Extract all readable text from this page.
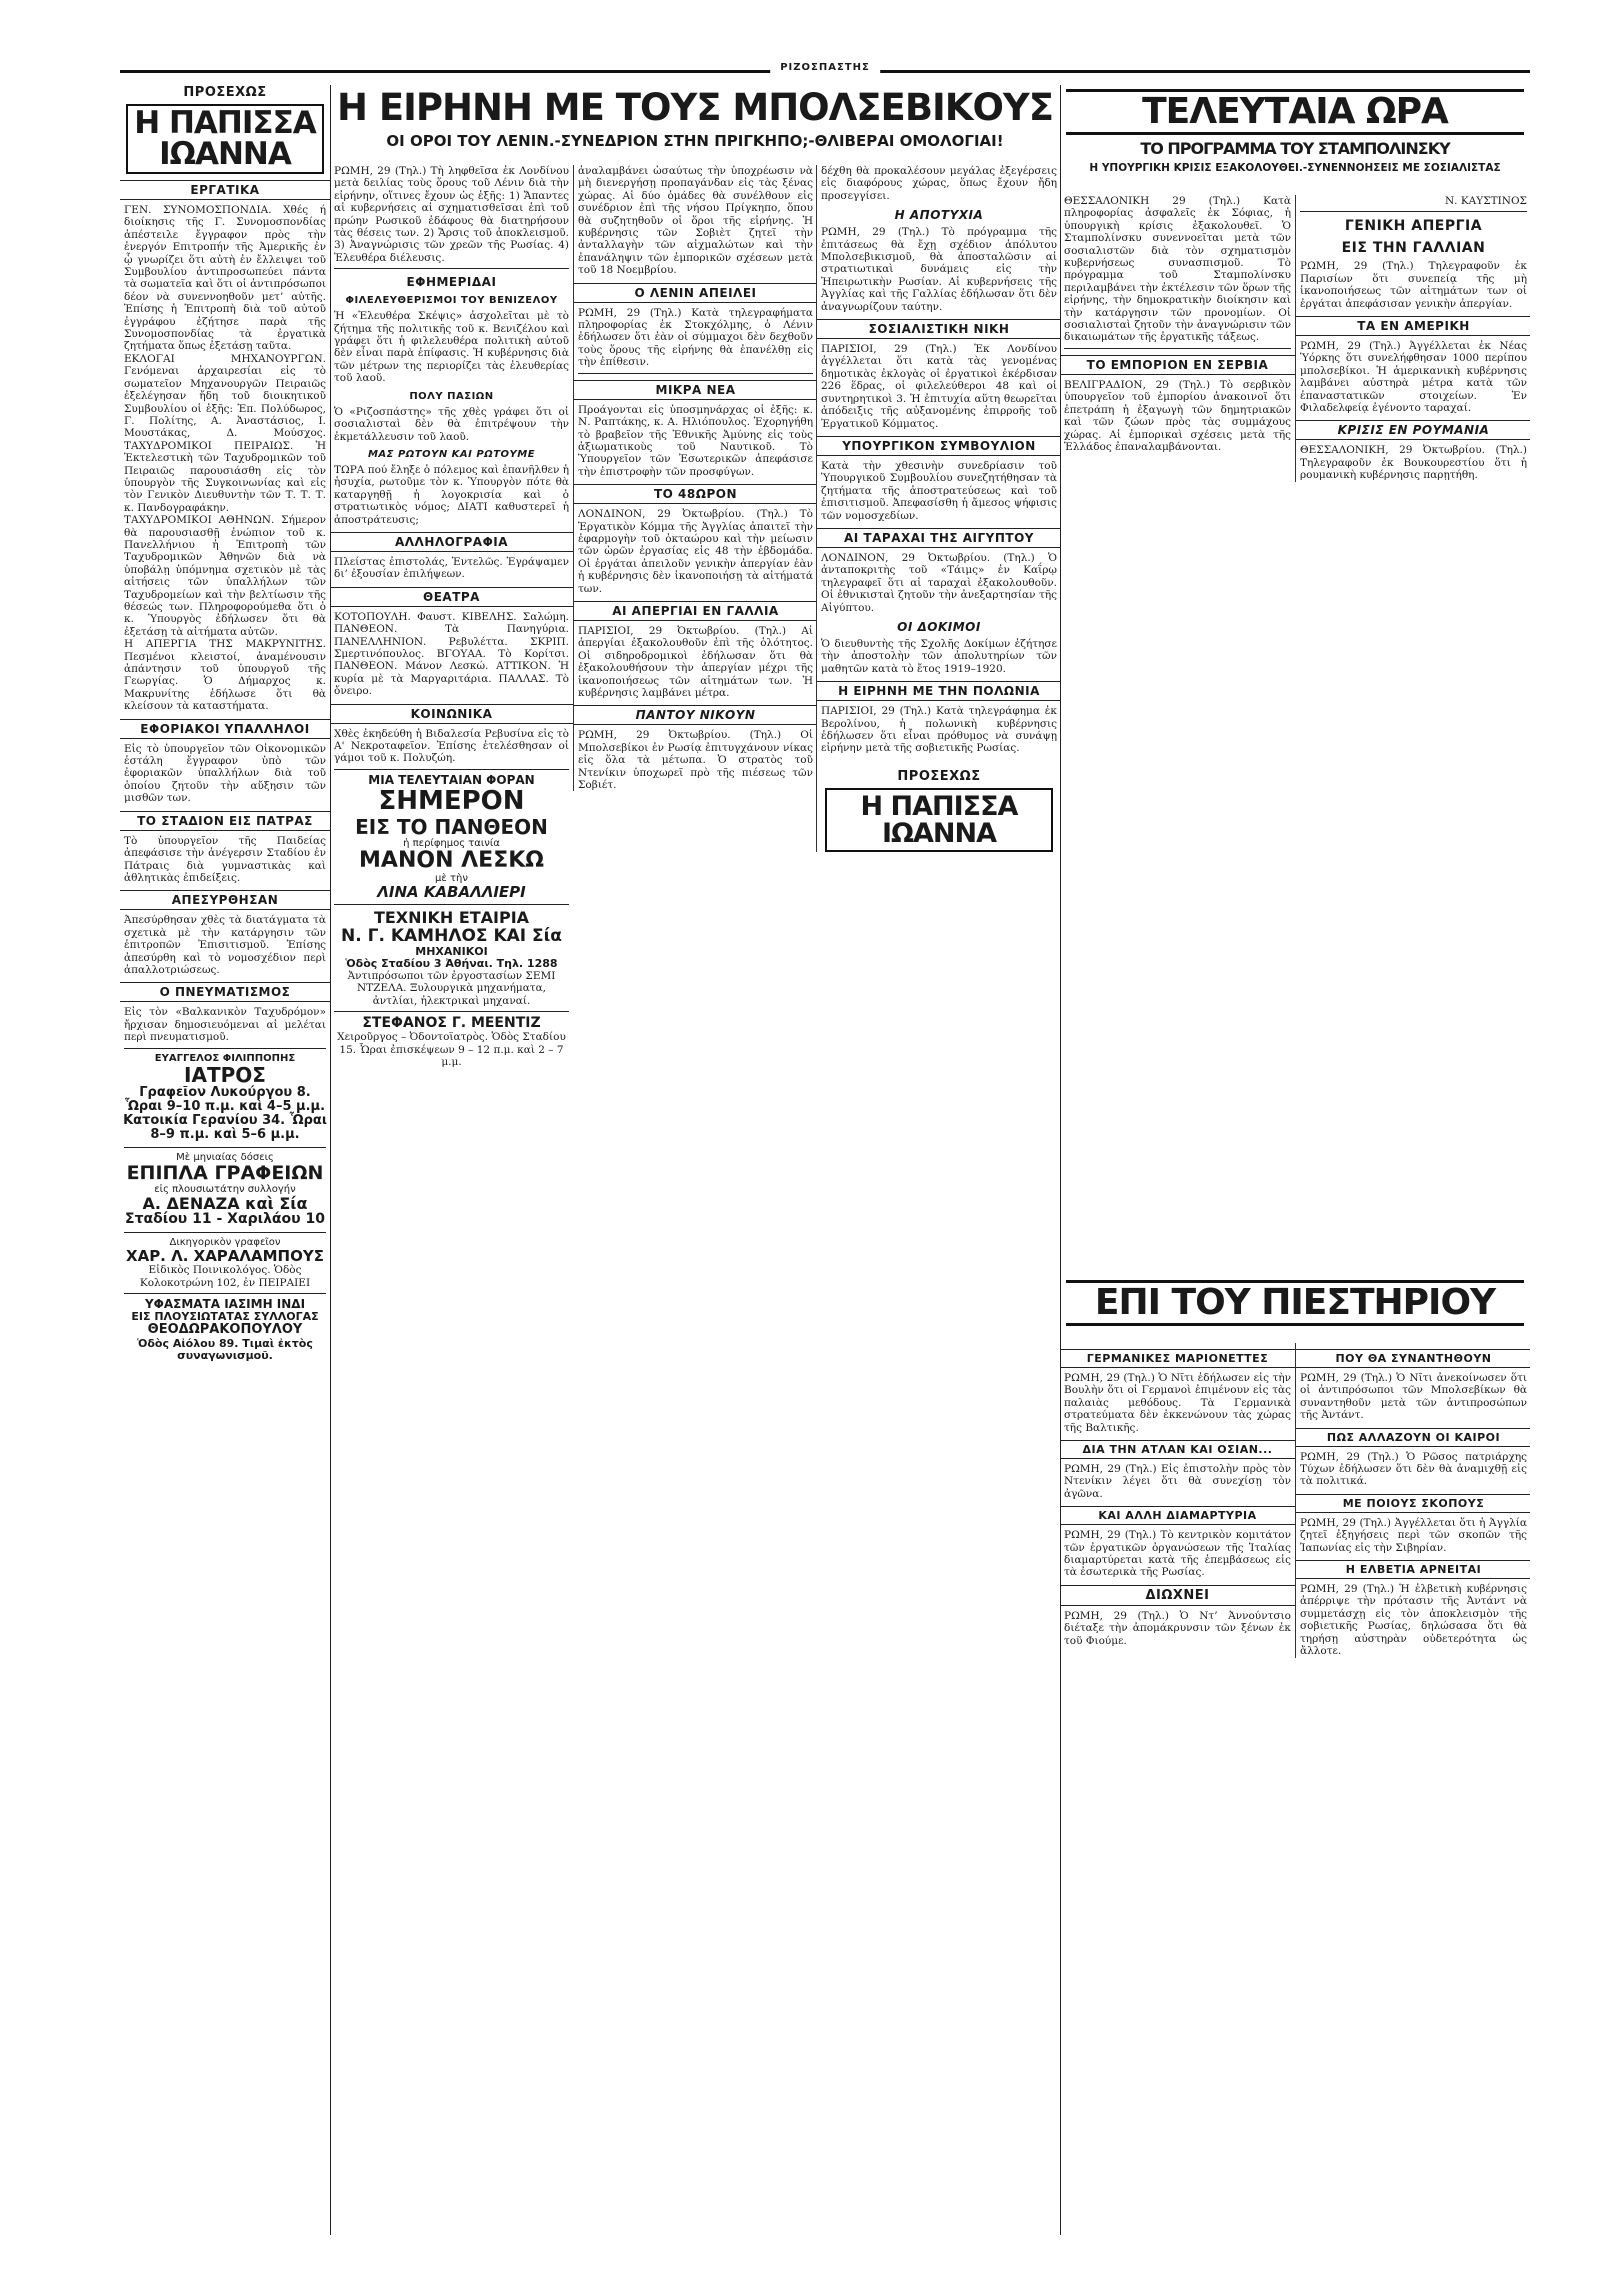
ΡΙΖΟΣΠΑΣΤΗΣ
ΠΡΟΣΕΧΩΣ
Η ΠΑΠΙΣΣΑ ΙΩΑΝΝΑ
ΕΡΓΑΤΙΚΑ

ΓΕΝ. ΣΥΝΟΜΟΣΠΟΝΔΙΑ. Χθές ή διοίκησις τῆς Γ. Συνομοσπονδίας ἀπέστειλε ἔγγραφον πρὸς τὴν ἐνεργόν Επιτροπήν τῆς Ἀμερικῆς ἐν ᾧ γνωρίζει ὅτι αὐτὴ ἐν ἔλλειψει τοῦ Συμβουλίου ἀντιπροσωπεύει πάντα τὰ σωματεῖα καὶ ὅτι οἱ ἀντιπρόσωποι δέον νὰ συνεννοηθοῦν μετ’ αὐτῆς. Ἐπίσης ἡ Ἐπιτροπὴ διὰ τοῦ αὐτοῦ ἐγγράφου ἐζήτησε παρὰ τῆς Συνομοσπονδίας τὰ ἐργατικὰ ζητήματα ὅπως ἐξετάσῃ ταῦτα.

ΕΚΛΟΓΑΙ ΜΗΧΑΝΟΥΡΓΩΝ. Γενόμεναι ἀρχαιρεσίαι εἰς τὸ σωματεῖον Μηχανουργῶν Πειραιῶς ἐξελέγησαν ἤδη τοῦ διοικητικοῦ Συμβουλίου οἱ ἑξῆς: Ἐπ. Πολύδωρος, Γ. Πολίτης, Α. Ἀναστάσιος, Ι. Μουστάκας, Δ. Μούσχος. ΤΑΧΥΔΡΟΜΙΚΟΙ ΠΕΙΡΑΙΩΣ. Ἡ Ἐκτελεστικὴ τῶν Ταχυδρομικῶν τοῦ Πειραιῶς παρουσιάσθη εἰς τὸν ὑπουργὸν τῆς Συγκοινωνίας καὶ εἰς τὸν Γενικὸν Διευθυντὴν τῶν Τ. Τ. Τ. κ. Πανδογραφάκην.

ΤΑΧΥΔΡΟΜΙΚΟΙ ΑΘΗΝΩΝ. Σήμερον θὰ παρουσιασθῇ ἐνώπιον τοῦ κ. Πανελλήνιου ἡ Ἐπιτροπὴ τῶν Ταχυδρομικῶν Ἀθηνῶν διὰ νὰ ὑποβάλῃ ὑπόμνημα σχετικὸν μὲ τὰς αἰτήσεις τῶν ὑπαλλήλων τῶν Ταχυδρομείων καὶ τὴν βελτίωσιν τῆς θέσεώς των. Πληροφορούμεθα ὅτι ὁ κ. Ὑπουργὸς ἐδήλωσεν ὅτι θὰ ἐξετάσῃ τὰ αἰτήματα αὐτῶν.

Η ΑΠΕΡΓΙΑ ΤΗΣ ΜΑΚΡΥΝΙΤΗΣ. Πεσμένοι κλειστοί, ἀναμένουσιν ἀπάντησιν τοῦ ὑπουργοῦ τῆς Γεωργίας. Ὁ Δήμαρχος κ. Μακρυνίτης ἐδήλωσε ὅτι θὰ κλείσουν τὰ καταστήματα.

ΕΦΟΡΙΑΚΟΙ ΥΠΑΛΛΗΛΟΙ

Εἰς τὸ ὑπουργεῖον τῶν Οἰκονομικῶν ἐστάλη ἔγγραφον ὑπὸ τῶν ἐφοριακῶν ὑπαλλήλων διὰ τοῦ ὁποίου ζητοῦν τὴν αὔξησιν τῶν μισθῶν των.

ΤΟ ΣΤΑΔΙΟΝ ΕΙΣ ΠΑΤΡΑΣ

Τὸ ὑπουργεῖον τῆς Παιδείας ἀπεφάσισε τὴν ἀνέγερσιν Σταδίου ἐν Πάτραις διὰ γυμναστικὰς καὶ ἀθλητικὰς ἐπιδείξεις.

ΑΠΕΣΥΡΘΗΣΑΝ

Ἀπεσύρθησαν χθὲς τὰ διατάγματα τὰ σχετικὰ μὲ τὴν κατάργησιν τῶν ἐπιτροπῶν Ἐπισιτισμοῦ. Ἐπίσης ἀπεσύρθη καὶ τὸ νομοσχέδιον περὶ ἀπαλλοτριώσεως.

Ο ΠΝΕΥΜΑΤΙΣΜΟΣ

Εἰς τὸν «Βαλκανικὸν Ταχυδρόμον» ἤρχισαν δημοσιευόμεναι αἱ μελέται περὶ πνευματισμοῦ.

ΕΥΑΓΓΕΛΟΣ ΦΙΛΙΠΠΟΠΗΣ
ΙΑΤΡΟΣ
Γραφεῖον Λυκούργου 8. Ὧραι 9–10 π.μ. καὶ 4–5 μ.μ.
Κατοικία Γερανίου 34. Ὧραι 8–9 π.μ. καὶ 5–6 μ.μ.
Μὲ μηνιαίας δόσεις
ΕΠΙΠΛΑ ΓΡΑΦΕΙΩΝ
εἰς πλουσιωτάτην συλλογήν
Α. ΔΕΝΑΖΑ καὶ Σία
Σταδίου 11 - Χαριλάου 10
Δικηγορικὸν γραφεῖον
ΧΑΡ. Λ. ΧΑΡΑΛΑΜΠΟΥΣ

Εἰδικὸς Ποινικολόγος. Ὁδὸς Κολοκοτρώνη 102, ἐν ΠΕΙΡΑΙΕΙ

ΥΦΑΣΜΑΤΑ ΙΑΣΙΜΗ ΙΝΔΙ
ΕΙΣ ΠΛΟΥΣΙΩΤΑΤΑΣ ΣΥΛΛΟΓΑΣ
ΘΕΟΔΩΡΑΚΟΠΟΥΛΟΥ
Ὁδὸς Αἰόλου 89. Τιμαὶ ἐκτὸς συναγωνισμοῦ.
Η ΕΙΡΗΝΗ ΜΕ ΤΟΥΣ ΜΠΟΛΣΕΒΙΚΟΥΣ
ΟΙ ΟΡΟΙ ΤΟΥ ΛΕΝΙΝ.-ΣΥΝΕΔΡΙΟΝ ΣΤΗΝ ΠΡΙΓΚΗΠΟ;-ΘΛΙΒΕΡΑΙ ΟΜΟΛΟΓΙΑΙ!

ΡΩΜΗ, 29 (Τηλ.) Τὴ ληφθεῖσα ἐκ Λονδίνου μετὰ δειλίας τοὺς ὅρους τοῦ Λένιν διὰ τὴν εἰρήνην, οἵτινες ἔχουν ὡς ἑξῆς: 1) Ἄπαντες αἱ κυβερνήσεις αἱ σχηματισθεῖσαι ἐπὶ τοῦ πρώην Ρωσικοῦ ἐδάφους θὰ διατηρήσουν τὰς θέσεις των. 2) Ἄρσις τοῦ ἀποκλεισμοῦ. 3) Ἀναγνώρισις τῶν χρεῶν τῆς Ρωσίας. 4) Ἐλευθέρα διέλευσις.

ΕΦΗΜΕΡΙΔΑΙ
ΦΙΛΕΛΕΥΘΕΡΙΣΜΟΙ ΤΟΥ ΒΕΝΙΖΕΛΟΥ

Ἡ «Ἐλευθέρα Σκέψις» ἀσχολεῖται μὲ τὸ ζήτημα τῆς πολιτικῆς τοῦ κ. Βενιζέλου καὶ γράφει ὅτι ἡ φιλελευθέρα πολιτικὴ αὐτοῦ δὲν εἶναι παρὰ ἐπίφασις. Ἡ κυβέρνησις διὰ τῶν μέτρων της περιορίζει τὰς ἐλευθερίας τοῦ λαοῦ.

ΠΟΛΥ ΠΑΣΙΩΝ

Ὁ «Ριζοσπάστης» τῆς χθὲς γράφει ὅτι οἱ σοσιαλισταὶ δὲν θὰ ἐπιτρέψουν τὴν ἐκμετάλλευσιν τοῦ λαοῦ.

ΜΑΣ ΡΩΤΟΥΝ ΚΑΙ ΡΩΤΟΥΜΕ

ΤΩΡΑ πού ἔληξε ὁ πόλεμος καὶ ἐπανῆλθεν ἡ ἡσυχία, ρωτοῦμε τὸν κ. Ὑπουργὸν πότε θὰ καταργηθῇ ἡ λογοκρισία καὶ ὁ στρατιωτικὸς νόμος; ΔΙΑΤΙ καθυστερεῖ ἡ ἀποστράτευσις;

ΑΛΛΗΛΟΓΡΑΦΙΑ

Πλείστας ἐπιστολάς, Ἐντελῶς. Ἐγράψαμεν δι’ ἐξουσίαν ἐπιλήψεων.

ΘΕΑΤΡΑ

ΚΟΤΟΠΟΥΛΗ. Φαυστ. ΚΙΒΕΛΗΣ. Σαλώμη. ΠΑΝΘΕΟΝ. Τὰ Πανηγύρια. ΠΑΝΕΛΛΗΝΙΟΝ. Ρεβυλέττα. ΣΚΡΙΠ. Σμερτινόπουλος. ΒΓΟΥΑΑ. Τὸ Κορίτσι. ΠΑΝΘΕΟΝ. Μάνον Λεσκώ. ΑΤΤΙΚΟΝ. Ἡ κυρία μὲ τὰ Μαργαριτάρια. ΠΑΛΛΑΣ. Τὸ ὄνειρο.

ΚΟΙΝΩΝΙΚΑ

Χθὲς ἐκηδεύθη ἡ Βιδαλεσία Ρεβυσίνα εἰς τὸ Α' Νεκροταφεῖον. Ἐπίσης ἐτελέσθησαν οἱ γάμοι τοῦ κ. Πολυζώη.

ΜΙΑ ΤΕΛΕΥΤΑΙΑΝ ΦΟΡΑΝ
ΣΗΜΕΡΟΝ
ΕΙΣ ΤΟ ΠΑΝΘΕΟΝ
ἡ περίφημος ταινία
ΜΑΝΟΝ ΛΕΣΚΩ
μὲ τὴν
ΛΙΝΑ ΚΑΒΑΛΛΙΕΡΙ
ΤΕΧΝΙΚΗ ΕΤΑΙΡΙΑ
Ν. Γ. ΚΑΜΗΛΟΣ ΚΑΙ Σία
ΜΗΧΑΝΙΚΟΙ
Ὁδὸς Σταδίου 3 Ἀθήναι. Τηλ. 1288

Ἀντιπρόσωποι τῶν ἐργοστασίων ΣΕΜΙ ΝΤΖΕΛΑ. Ξυλουργικὰ μηχανήματα, ἀντλίαι, ἠλεκτρικαὶ μηχαναί.

ΣΤΕΦΑΝΟΣ Γ. ΜΕΕΝΤΙΖ

Χειροῦργος – Ὀδοντοϊατρὸς. Ὁδὸς Σταδίου 15. Ὧραι ἐπισκέψεων 9 – 12 π.μ. καὶ 2 – 7 μ.μ.

ἀναλαμβάνει ὡσαύτως τὴν ὑποχρέωσιν νὰ μὴ διενεργήσῃ προπαγάνδαν εἰς τὰς ξένας χώρας. Αἱ δύο ὁμάδες θὰ συνέλθουν εἰς συνέδριον ἐπὶ τῆς νήσου Πρίγκηπο, ὅπου θὰ συζητηθοῦν οἱ ὅροι τῆς εἰρήνης. Ἡ κυβέρνησις τῶν Σοβιὲτ ζητεῖ τὴν ἀνταλλαγὴν τῶν αἰχμαλώτων καὶ τὴν ἐπανάληψιν τῶν ἐμπορικῶν σχέσεων μετὰ τοῦ 18 Νοεμβρίου.

Ο ΛΕΝΙΝ ΑΠΕΙΛΕΙ

ΡΩΜΗ, 29 (Τηλ.) Κατὰ τηλεγραφήματα πληροφορίας ἐκ Στοκχόλμης, ὁ Λένιν ἐδήλωσεν ὅτι ἐὰν οἱ σύμμαχοι δὲν δεχθοῦν τοὺς ὅρους τῆς εἰρήνης θὰ ἐπανέλθῃ εἰς τὴν ἐπίθεσιν.

ΜΙΚΡΑ ΝΕΑ

Προάγονται εἰς ὑποσμηνάρχας οἱ ἑξῆς: κ. Ν. Ραπτάκης, κ. Α. Ηλιόπουλος. Ἐχορηγήθη τὸ βραβεῖον τῆς Ἐθνικῆς Ἀμύνης εἰς τοὺς ἀξιωματικοὺς τοῦ Ναυτικοῦ. Τὸ Ὑπουργεῖον τῶν Ἐσωτερικῶν ἀπεφάσισε τὴν ἐπιστροφὴν τῶν προσφύγων.

ΤΟ 48ΩΡΟΝ

ΛΟΝΔΙΝΟΝ, 29 Ὀκτωβρίου. (Τηλ.) Τὸ Ἐργατικὸν Κόμμα τῆς Ἀγγλίας ἀπαιτεῖ τὴν ἐφαρμογὴν τοῦ ὀκταώρου καὶ τὴν μείωσιν τῶν ὡρῶν ἐργασίας εἰς 48 τὴν ἑβδομάδα. Οἱ ἐργάται ἀπειλοῦν γενικὴν ἀπεργίαν ἐὰν ἡ κυβέρνησις δὲν ἱκανοποιήσῃ τὰ αἰτήματά των.

ΑΙ ΑΠΕΡΓΙΑΙ ΕΝ ΓΑΛΛΙΑ

ΠΑΡΙΣΙΟΙ, 29 Ὀκτωβρίου. (Τηλ.) Αἱ ἀπεργίαι ἐξακολουθοῦν ἐπὶ τῆς ὁλότητος. Οἱ σιδηροδρομικοὶ ἐδήλωσαν ὅτι θὰ ἐξακολουθήσουν τὴν ἀπεργίαν μέχρι τῆς ἱκανοποιήσεως τῶν αἰτημάτων των. Ἡ κυβέρνησις λαμβάνει μέτρα.

ΠΑΝΤΟΥ ΝΙΚΟΥΝ

ΡΩΜΗ, 29 Ὀκτωβρίου. (Τηλ.) Οἱ Μπολσεβίκοι ἐν Ρωσίᾳ ἐπιτυγχάνουν νίκας εἰς ὅλα τὰ μέτωπα. Ὁ στρατὸς τοῦ Ντενίκιν ὑποχωρεῖ πρὸ τῆς πιέσεως τῶν Σοβιέτ.

δέχθη θὰ προκαλέσουν μεγάλας ἐξεγέρσεις εἰς διαφόρους χώρας, ὅπως ἔχουν ἤδη προσεγγίσει.

Η ΑΠΟΤΥΧΙΑ

ΡΩΜΗ, 29 (Τηλ.) Τὸ πρόγραμμα τῆς ἐπιτάσεως θὰ ἔχῃ σχέδιον ἀπόλυτου Μπολσεβικισμοῦ, θὰ ἀποσταλῶσιν αἱ στρατιωτικαὶ δυνάμεις εἰς τὴν Ἠπειρωτικὴν Ρωσίαν. Αἱ κυβερνήσεις τῆς Ἀγγλίας καὶ τῆς Γαλλίας ἐδήλωσαν ὅτι δὲν ἀναγνωρίζουν ταύτην.

ΣΟΣΙΑΛΙΣΤΙΚΗ ΝΙΚΗ

ΠΑΡΙΣΙΟΙ, 29 (Τηλ.) Ἐκ Λονδίνου ἀγγέλλεται ὅτι κατὰ τὰς γενομένας δημοτικὰς ἐκλογὰς οἱ ἐργατικοὶ ἐκέρδισαν 226 ἕδρας, οἱ φιλελεύθεροι 48 καὶ οἱ συντηρητικοὶ 3. Ἡ ἐπιτυχία αὕτη θεωρεῖται ἀπόδειξις τῆς αὐξανομένης ἐπιρροῆς τοῦ Ἐργατικοῦ Κόμματος.

ΥΠΟΥΡΓΙΚΟΝ ΣΥΜΒΟΥΛΙΟΝ

Κατὰ τὴν χθεσινὴν συνεδρίασιν τοῦ Ὑπουργικοῦ Συμβουλίου συνεζητήθησαν τὰ ζητήματα τῆς ἀποστρατεύσεως καὶ τοῦ ἐπισιτισμοῦ. Ἀπεφασίσθη ἡ ἄμεσος ψήφισις τῶν νομοσχεδίων.

ΑΙ ΤΑΡΑΧΑΙ ΤΗΣ ΑΙΓΥΠΤΟΥ

ΛΟΝΔΙΝΟΝ, 29 Ὀκτωβρίου. (Τηλ.) Ὁ ἀνταποκριτὴς τοῦ «Τάιμς» ἐν Καΐρῳ τηλεγραφεῖ ὅτι αἱ ταραχαὶ ἐξακολουθοῦν. Οἱ ἐθνικισταὶ ζητοῦν τὴν ἀνεξαρτησίαν τῆς Αἰγύπτου.

ΟΙ ΔΟΚΙΜΟΙ

Ὁ διευθυντὴς τῆς Σχολῆς Δοκίμων ἐζήτησε τὴν ἀποστολὴν τῶν ἀπολυτηρίων τῶν μαθητῶν κατὰ τὸ ἔτος 1919–1920.

Η ΕΙΡΗΝΗ ΜΕ ΤΗΝ ΠΟΛΩΝΙΑ

ΠΑΡΙΣΙΟΙ, 29 (Τηλ.) Κατὰ τηλεγράφημα ἐκ Βερολίνου, ἡ πολωνικὴ κυβέρνησις ἐδήλωσεν ὅτι εἶναι πρόθυμος νὰ συνάψῃ εἰρήνην μετὰ τῆς σοβιετικῆς Ρωσίας.

ΠΡΟΣΕΧΩΣ
Η ΠΑΠΙΣΣΑ ΙΩΑΝΝΑ
ΤΕΛΕΥΤΑΙΑ ΩΡΑ
ΤΟ ΠΡΟΓΡΑΜΜΑ ΤΟΥ ΣΤΑΜΠΟΛΙΝΣΚΥ
Η ΥΠΟΥΡΓΙΚΗ ΚΡΙΣΙΣ ΕΞΑΚΟΛΟΥΘΕΙ.-ΣΥΝΕΝΝΟΗΣΕΙΣ ΜΕ ΣΟΣΙΑΛΙΣΤΑΣ

ΘΕΣΣΑΛΟΝΙΚΗ 29 (Τηλ.) Κατὰ πληροφορίας ἀσφαλεῖς ἐκ Σόφιας, ἡ ὑπουργικὴ κρίσις ἐξακολουθεῖ. Ὁ Σταμπολίνσκυ συνεννοεῖται μετὰ τῶν σοσιαλιστῶν διὰ τὸν σχηματισμὸν κυβερνήσεως συνασπισμοῦ. Τὸ πρόγραμμα τοῦ Σταμπολίνσκυ περιλαμβάνει τὴν ἐκτέλεσιν τῶν ὅρων τῆς εἰρήνης, τὴν δημοκρατικὴν διοίκησιν καὶ τὴν κατάργησιν τῶν προνομίων. Οἱ σοσιαλισταὶ ζητοῦν τὴν ἀναγνώρισιν τῶν δικαιωμάτων τῆς ἐργατικῆς τάξεως.

ΤΟ ΕΜΠΟΡΙΟΝ ΕΝ ΣΕΡΒΙΑ

ΒΕΛΙΓΡΑΔΙΟΝ, 29 (Τηλ.) Τὸ σερβικὸν ὑπουργεῖον τοῦ ἐμπορίου ἀνακοινοῖ ὅτι ἐπετράπη ἡ ἐξαγωγὴ τῶν δημητριακῶν καὶ τῶν ζώων πρὸς τὰς συμμάχους χώρας. Αἱ ἐμπορικαὶ σχέσεις μετὰ τῆς Ἑλλάδος ἐπαναλαμβάνονται.

Ν. ΚΑΥΣΤΙΝΟΣ

ΓΕΝΙΚΗ ΑΠΕΡΓΙΑ
ΕΙΣ ΤΗΝ ΓΑΛΛΙΑΝ

ΡΩΜΗ, 29 (Τηλ.) Τηλεγραφοῦν ἐκ Παρισίων ὅτι συνεπείᾳ τῆς μὴ ἱκανοποιήσεως τῶν αἰτημάτων των οἱ ἐργάται ἀπεφάσισαν γενικὴν ἀπεργίαν.

ΤΑ ΕΝ ΑΜΕΡΙΚΗ

ΡΩΜΗ, 29 (Τηλ.) Ἀγγέλλεται ἐκ Νέας Ὑόρκης ὅτι συνελήφθησαν 1000 περίπου μπολσεβίκοι. Ἡ ἀμερικανικὴ κυβέρνησις λαμβάνει αὐστηρὰ μέτρα κατὰ τῶν ἐπαναστατικῶν στοιχείων. Ἐν Φιλαδελφείᾳ ἐγένοντο ταραχαί.

ΚΡΙΣΙΣ ΕΝ ΡΟΥΜΑΝΙΑ

ΘΕΣΣΑΛΟΝΙΚΗ, 29 Ὀκτωβρίου. (Τηλ.) Τηλεγραφοῦν ἐκ Βουκουρεστίου ὅτι ἡ ρουμανικὴ κυβέρνησις παρῃτήθη.

ΕΠΙ ΤΟΥ ΠΙΕΣΤΗΡΙΟΥ
ΓΕΡΜΑΝΙΚΕΣ ΜΑΡΙΟΝΕΤΤΕΣ

ΡΩΜΗ, 29 (Τηλ.) Ὁ Νῖτι ἐδήλωσεν εἰς τὴν Βουλὴν ὅτι οἱ Γερμανοὶ ἐπιμένουν εἰς τὰς παλαιὰς μεθόδους. Τὰ Γερμανικὰ στρατεύματα δὲν ἐκκενώνουν τὰς χώρας τῆς Βαλτικῆς.

ΔΙΑ ΤΗΝ ΑΤΛΑΝ ΚΑΙ ΟΣΙΑΝ...

ΡΩΜΗ, 29 (Τηλ.) Εἰς ἐπιστολὴν πρὸς τὸν Ντενίκιν λέγει ὅτι θὰ συνεχίσῃ τὸν ἀγῶνα.

ΚΑΙ ΑΛΛΗ ΔΙΑΜΑΡΤΥΡΙΑ

ΡΩΜΗ, 29 (Τηλ.) Τὸ κεντρικὸν κομιτάτον τῶν ἐργατικῶν ὀργανώσεων τῆς Ἰταλίας διαμαρτύρεται κατὰ τῆς ἐπεμβάσεως εἰς τὰ ἐσωτερικὰ τῆς Ρωσίας.

ΔΙΩΧΝΕΙ

ΡΩΜΗ, 29 (Τηλ.) Ὁ Ντ’ Ἀννούντσιο διέταξε τὴν ἀπομάκρυνσιν τῶν ξένων ἐκ τοῦ Φιούμε.

ΠΟΥ ΘΑ ΣΥΝΑΝΤΗΘΟΥΝ

ΡΩΜΗ, 29 (Τηλ.) Ὁ Νῖτι ἀνεκοίνωσεν ὅτι οἱ ἀντιπρόσωποι τῶν Μπολσεβίκων θὰ συναντηθοῦν μετὰ τῶν ἀντιπροσώπων τῆς Ἀντάντ.

ΠΩΣ ΑΛΛΑΖΟΥΝ ΟΙ ΚΑΙΡΟΙ

ΡΩΜΗ, 29 (Τηλ.) Ὁ Ρῶσος πατριάρχης Τύχων ἐδήλωσεν ὅτι δὲν θὰ ἀναμιχθῇ εἰς τὰ πολιτικά.

ΜΕ ΠΟΙΟΥΣ ΣΚΟΠΟΥΣ

ΡΩΜΗ, 29 (Τηλ.) Ἀγγέλλεται ὅτι ἡ Ἀγγλία ζητεῖ ἐξηγήσεις περὶ τῶν σκοπῶν τῆς Ἰαπωνίας εἰς τὴν Σιβηρίαν.

Η ΕΛΒΕΤΙΑ ΑΡΝΕΙΤΑΙ

ΡΩΜΗ, 29 (Τηλ.) Ἡ ἐλβετικὴ κυβέρνησις ἀπέρριψε τὴν πρότασιν τῆς Ἀντάντ νὰ συμμετάσχῃ εἰς τὸν ἀποκλεισμὸν τῆς σοβιετικῆς Ρωσίας, δηλώσασα ὅτι θὰ τηρήσῃ αὐστηρὰν οὐδετερότητα ὡς ἄλλοτε.
